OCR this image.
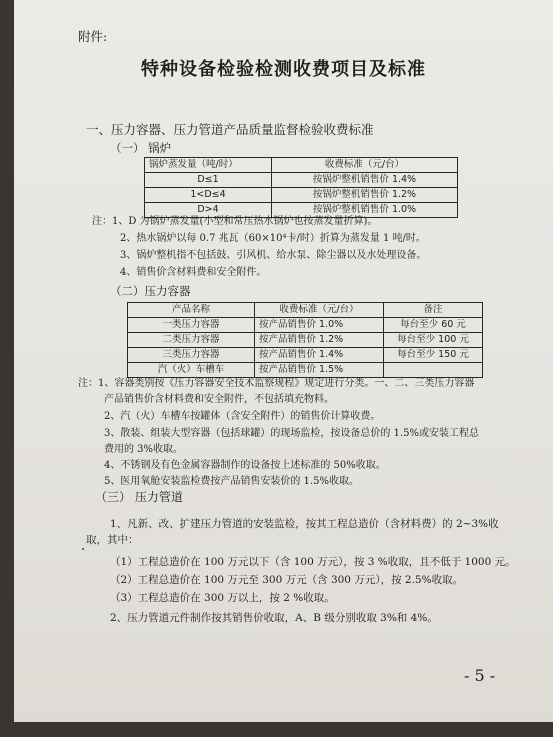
附件:
特种设备检验检测收费项目及标准
一、压力容器、压力管道产品质量监督检验收费标准
（一） 锅炉
锅炉蒸发量（吨/时）	收费标准（元/台）
D≤1	按锅炉整机销售价 1.4%
1<D≤4	按锅炉整机销售价 1.2%
D>4	按锅炉整机销售价 1.0%
注：1、D 为锅炉蒸发量(小型和常压热水锅炉也按蒸发量折算)。
2、热水锅炉以每 0.7 兆瓦（60×10⁴卡/时）折算为蒸发量 1 吨/时。
3、锅炉整机指不包括鼓、引风机、给水泵、除尘器以及水处理设备。
4、销售价含材料费和安全附件。
（二）压力容器
产品名称	收费标准（元/台）	备注
一类压力容器	按产品销售价 1.0%	每台至少 60 元
二类压力容器	按产品销售价 1.2%	每台至少 100 元
三类压力容器	按产品销售价 1.4%	每台至少 150 元
汽（火）车槽车	按产品销售价 1.5%	
注：1、容器类别按《压力容器安全技术监察规程》规定进行分类。一、二、三类压力容器
产品销售价含材料费和安全附件，不包括填充物料。
2、汽（火）车槽车按罐体（含安全附件）的销售价计算收费。
3、散装、组装大型容器（包括球罐）的现场监检，按设备总价的 1.5%或安装工程总
费用的 3%收取。
4、不锈钢及有色金属容器制作的设备按上述标准的 50%收取。
5、医用氧舱安装监检费按产品销售安装价的 1.5%收取。
（三） 压力管道
1、凡新、改、扩建压力管道的安装监检，按其工程总造价（含材料费）的 2~3%收
取，其中：
（1）工程总造价在 100 万元以下（含 100 万元），按 3 %收取，且不低于 1000 元。
（2）工程总造价在 100 万元至 300 万元（含 300 万元），按 2.5%收取。
（3）工程总造价在 300 万以上，按 2 %收取。
2、压力管道元件制作按其销售价收取，A、B 级分别收取 3%和 4%。
- 5 -
